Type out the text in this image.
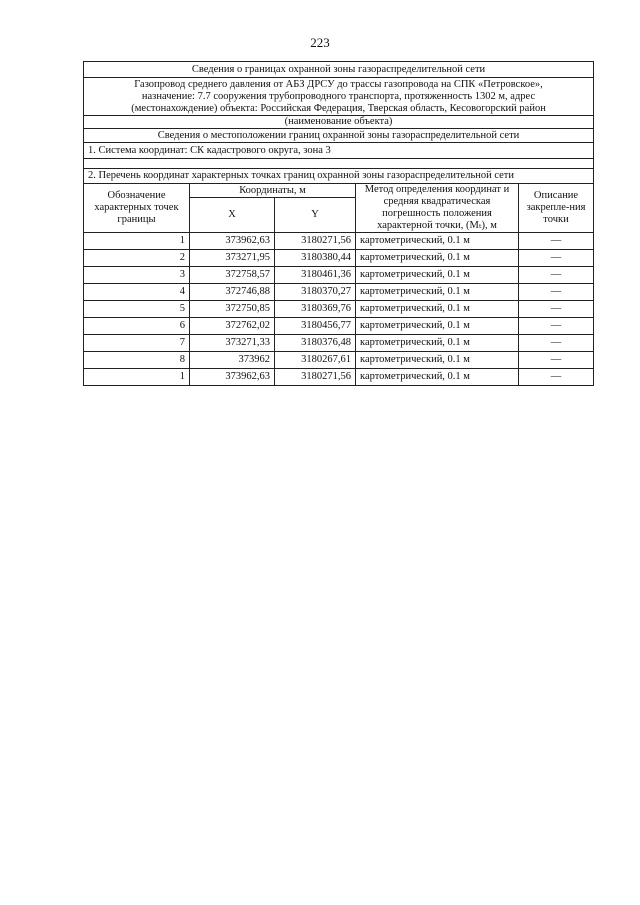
223
Сведения о границах охранной зоны газораспределительной сети				

Газопровод среднего давления от АБЗ ДРСУ до трассы газопровода на СПК «Петровское»,
назначение: 7.7 сооружения трубопроводного транспорта, протяженность 1302 м, адрес
(местонахождение) объекта: Российская Федерация, Тверская область, Кесовогорский район				

(наименование объекта)				
Сведения о местоположении границ охранной зоны газораспределительной сети				
1. Система координат: СК кадастрового округа, зона 3				

2. Перечень координат характерных точках границ охранной зоны газораспределительной сети				
Обозначение характерных точек границы	Координаты, м		Метод определения координат и средняя квадратическая погрешность положения характерной точки, (Mₜ), м	Описание закрепле-ния точки
	X	Y		
1	373962,63	3180271,56	картометрический, 0.1 м	—
2	373271,95	3180380,44	картометрический, 0.1 м	—
3	372758,57	3180461,36	картометрический, 0.1 м	—
4	372746,88	3180370,27	картометрический, 0.1 м	—
5	372750,85	3180369,76	картометрический, 0.1 м	—
6	372762,02	3180456,77	картометрический, 0.1 м	—
7	373271,33	3180376,48	картометрический, 0.1 м	—
8	373962	3180267,61	картометрический, 0.1 м	—
1	373962,63	3180271,56	картометрический, 0.1 м	—
